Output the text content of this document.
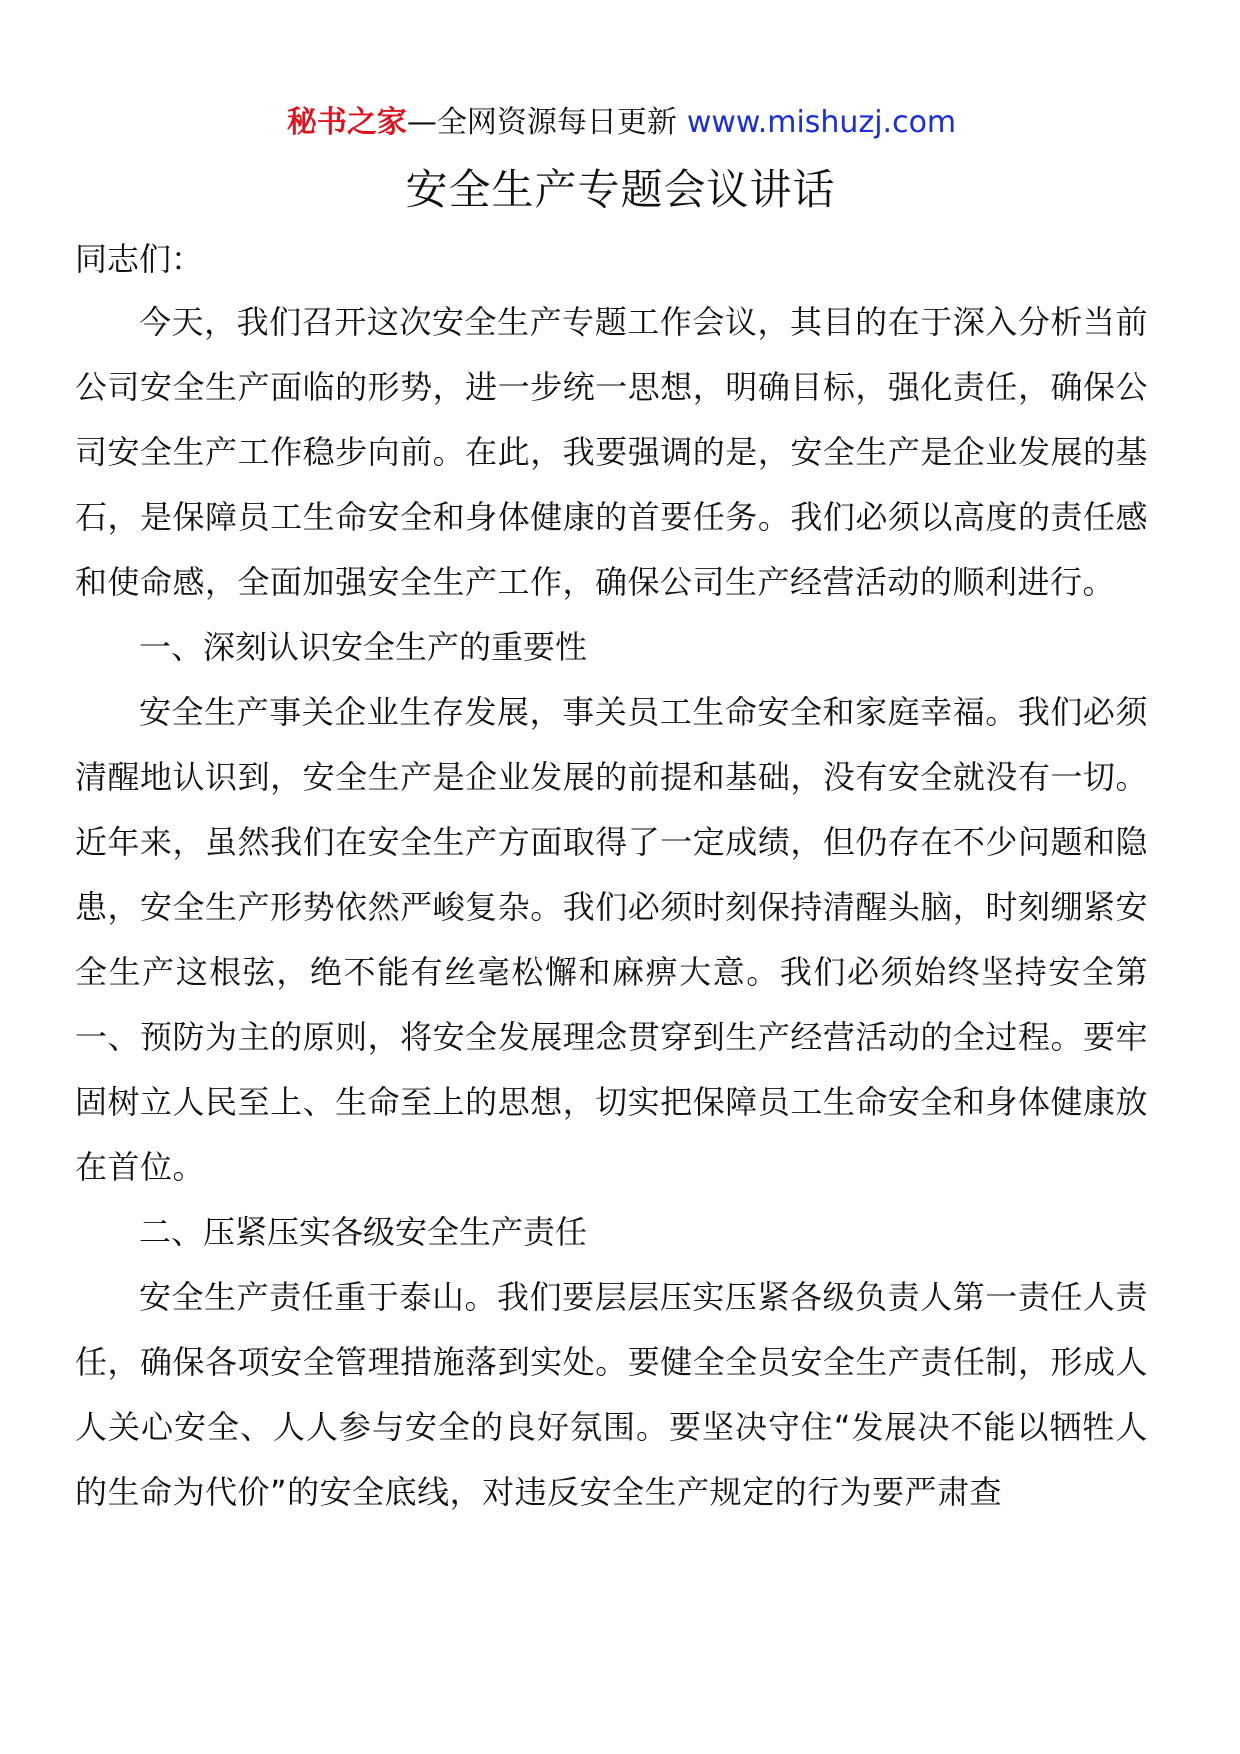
秘书之家—全网资源每日更新 www.mishuzj.com
安全生产专题会议讲话

同志们：

今天，我们召开这次安全生产专题工作会议，其目的在于深入分析当前公司安全生产面临的形势，进一步统一思想，明确目标，强化责任，确保公司安全生产工作稳步向前。在此，我要强调的是，安全生产是企业发展的基石，是保障员工生命安全和身体健康的首要任务。我们必须以高度的责任感和使命感，全面加强安全生产工作，确保公司生产经营活动的顺利进行。

一、深刻认识安全生产的重要性

安全生产事关企业生存发展，事关员工生命安全和家庭幸福。我们必须清醒地认识到，安全生产是企业发展的前提和基础，没有安全就没有一切。近年来，虽然我们在安全生产方面取得了一定成绩，但仍存在不少问题和隐患，安全生产形势依然严峻复杂。我们必须时刻保持清醒头脑，时刻绷紧安全生产这根弦，绝不能有丝毫松懈和麻痹大意。我们必须始终坚持安全第一、预防为主的原则，将安全发展理念贯穿到生产经营活动的全过程。要牢固树立人民至上、生命至上的思想，切实把保障员工生命安全和身体健康放在首位。

二、压紧压实各级安全生产责任

安全生产责任重于泰山。我们要层层压实压紧各级负责人第一责任人责任，确保各项安全管理措施落到实处。要健全全员安全生产责任制，形成人人关心安全、人人参与安全的良好氛围。要坚决守住“发展决不能以牺牲人的生命为代价”的安全底线，对违反安全生产规定的行为要严肃查
